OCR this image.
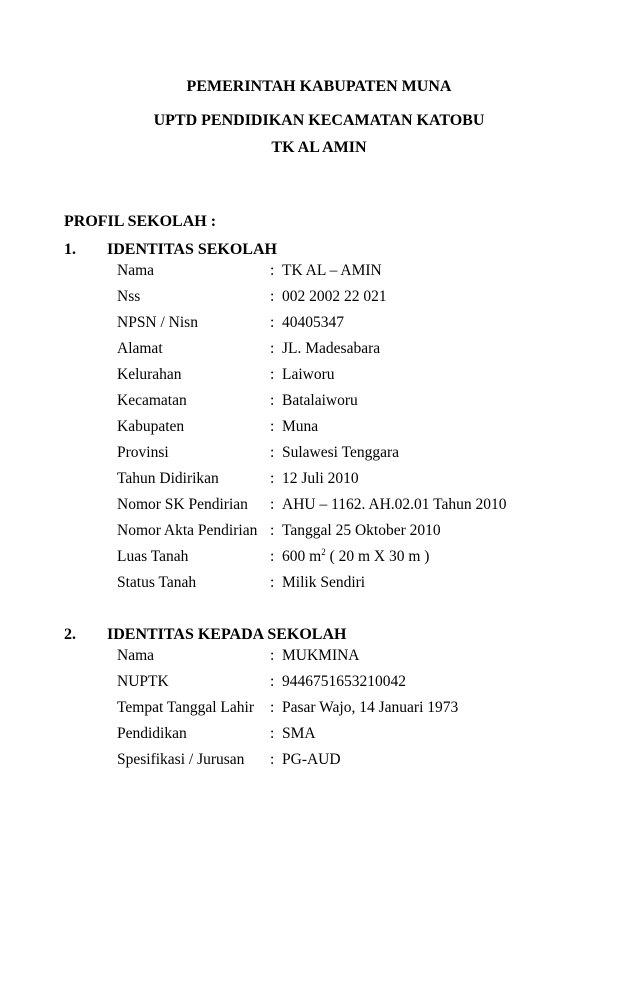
PEMERINTAH KABUPATEN MUNA
UPTD PENDIDIKAN KECAMATAN KATOBU
TK AL AMIN
PROFIL SEKOLAH :
1. IDENTITAS SEKOLAH
Nama	: TK AL – AMIN
Nss	: 002 2002 22 021
NPSN / Nisn	: 40405347
Alamat	: JL. Madesabara
Kelurahan	: Laiworu
Kecamatan	: Batalaiworu
Kabupaten	: Muna
Provinsi	: Sulawesi Tenggara
Tahun Didirikan	: 12 Juli 2010
Nomor SK Pendirian : AHU – 1162. AH.02.01 Tahun 2010
Nomor Akta Pendirian : Tanggal 25 Oktober 2010
Luas Tanah	: 600 $m^2$ ( 20 m X 30 m )
Status Tanah	: Milik Sendiri
2. IDENTITAS KEPADA SEKOLAH
Nama	: MUKMINA
NUPTK	: 9446751653210042
Tempat Tanggal Lahir : Pasar Wajo, 14 Januari 1973
Pendidikan	: SMA
Spesifikasi / Jurusan : PG-AUD
